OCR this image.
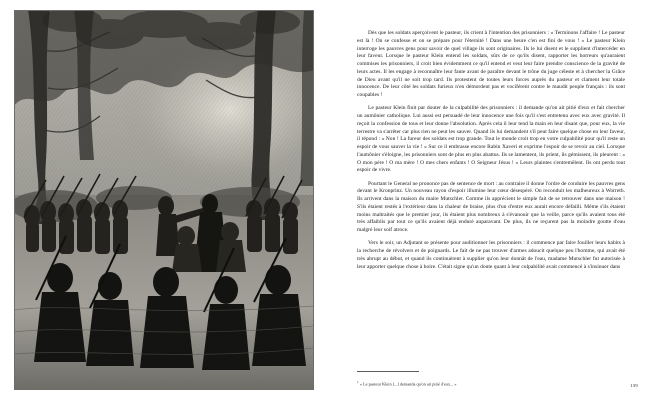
Dès que les soldats aperçoivent le pasteur, ils crient à l'intention des prisonniers : « Terminons l'affaire ! Le pasteur est là ! On se confesse et on se prépare pour l'éternité ! Dans une heure c'en est fini de vous ! » Le pasteur Klein interroge les pauvres gens pour savoir de quel village ils sont originaires. Ils le lui disent et le supplient d'intercéder en leur faveur. Lorsque le pasteur Klein entend les soldats, sûrs de ce qu'ils disent, rapporter les horreurs qu'auraient commises les prisonniers, il croit bien évidemment ce qu'il entend et veut leur faire prendre conscience de la gravité de leurs actes. Il les engage à reconnaître leur faute avant de paraître devant le trône du juge céleste et à chercher la Grâce de Dieu avant qu'il ne soit trop tard. Ils protestent de toutes leurs forces auprès du pasteur et clament leur totale innocence. De leur côté les soldats furieux n'en démordent pas et vociférent contre le maudit peuple français : ils sont coupables !

Le pasteur Klein finit par douter de la culpabilité des prisonniers : il demande qu'on ait pitié d'eux et fait chercher un aumônier catholique. Lui aussi est persuadé de leur innocence une fois qu'il s'est entretenu avec eux avec gravité. Il reçoit la confession de tous et leur donne l'absolution. Après cela il leur tend la main en leur disant que, pour eux, la vie terrestre va s'arrêter car plus rien ne peut les sauver. Quand ils lui demandent s'il peut faire quelque chose en leur faveur, il répond : « Non ! La fureur des soldats est trop grande. Tout le monde croit trop en votre culpabilité pour qu'il reste un espoir de vous sauver la vie ! » Sur ce il embrasse encore Rabin Xaveri et exprime l'espoir de se revoir au ciel. Lorsque l'aumônier s'éloigne, les prisonniers sont de plus en plus abattus. Ils se lamentent, ils prient, ils gémissent, ils pleurent : « O mon père ! O ma mère ! O mes chers enfants ! O Seigneur Jésus ! » Leurs plaintes s'entremêlent. Ils ont perdu tout espoir de vivre.

Pourtant le General ne prononce pas de sentence de mort : au contraire il donne l'ordre de conduire les pauvres gens devant le Kronprinz. Un nouveau rayon d'espoir illumine leur cœur désespéré. On reconduit les malheureux à Worreth. Ils arrivent dans la maison du maire Mutschler. Comme ils apprécient le simple fait de se retrouver dans une maison ! S'ils étaient restés à l'extérieur dans la chaleur de braise, plus d'un d'entre eux aurait encore défailli. Même s'ils étaient moins maltraités que le premier jour, ils étaient plus nombreux à s'évanouir que la veille, parce qu'ils avaient tous été très affaiblis par tout ce qu'ils avaient déjà enduré auparavant. De plus, ils ne reçurent pas la moindre goutte d'eau malgré leur soif atroce.

Vers le soir, un Adjutant se présente pour auditionner les prisonniers : il commence par faire fouiller leurs habits à la recherche de révolvers et de poignards. Le fait de ne pas trouver d'armes adoucit quelque peu l'homme, qui avait été très abrupt au début, et quand ils continuèrent à supplier qu'on leur donnât de l'eau, madame Mutschler fut autorisée à leur apporter quelque chose à boire. C'était signe qu'un doute quant à leur culpabilité avait commencé à s'insinuer dans

$^1$ « Le pasteur Klein [...] demanda qu'on ait pitié d'eux... »	139
